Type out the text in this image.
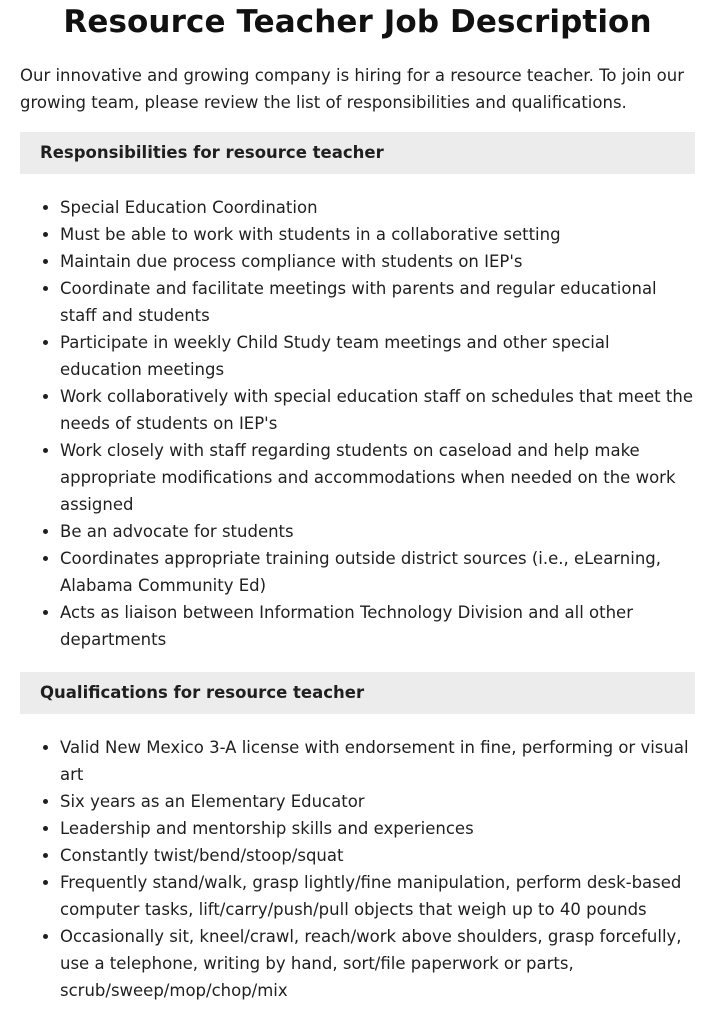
Resource Teacher Job Description

Our innovative and growing company is hiring for a resource teacher. To join our growing team, please review the list of responsibilities and qualifications.

Responsibilities for resource teacher
• Special Education Coordination
• Must be able to work with students in a collaborative setting
• Maintain due process compliance with students on IEP's
• Coordinate and facilitate meetings with parents and regular educational staff and students
• Participate in weekly Child Study team meetings and other special education meetings
• Work collaboratively with special education staff on schedules that meet the needs of students on IEP's
• Work closely with staff regarding students on caseload and help make appropriate modifications and accommodations when needed on the work assigned
• Be an advocate for students
• Coordinates appropriate training outside district sources (i.e., eLearning, Alabama Community Ed)
• Acts as liaison between Information Technology Division and all other departments
Qualifications for resource teacher
• Valid New Mexico 3-A license with endorsement in fine, performing or visual art
• Six years as an Elementary Educator
• Leadership and mentorship skills and experiences
• Constantly twist/bend/stoop/squat
• Frequently stand/walk, grasp lightly/fine manipulation, perform desk-based computer tasks, lift/carry/push/pull objects that weigh up to 40 pounds
• Occasionally sit, kneel/crawl, reach/work above shoulders, grasp forcefully, use a telephone, writing by hand, sort/file paperwork or parts, scrub/sweep/mop/chop/mix
